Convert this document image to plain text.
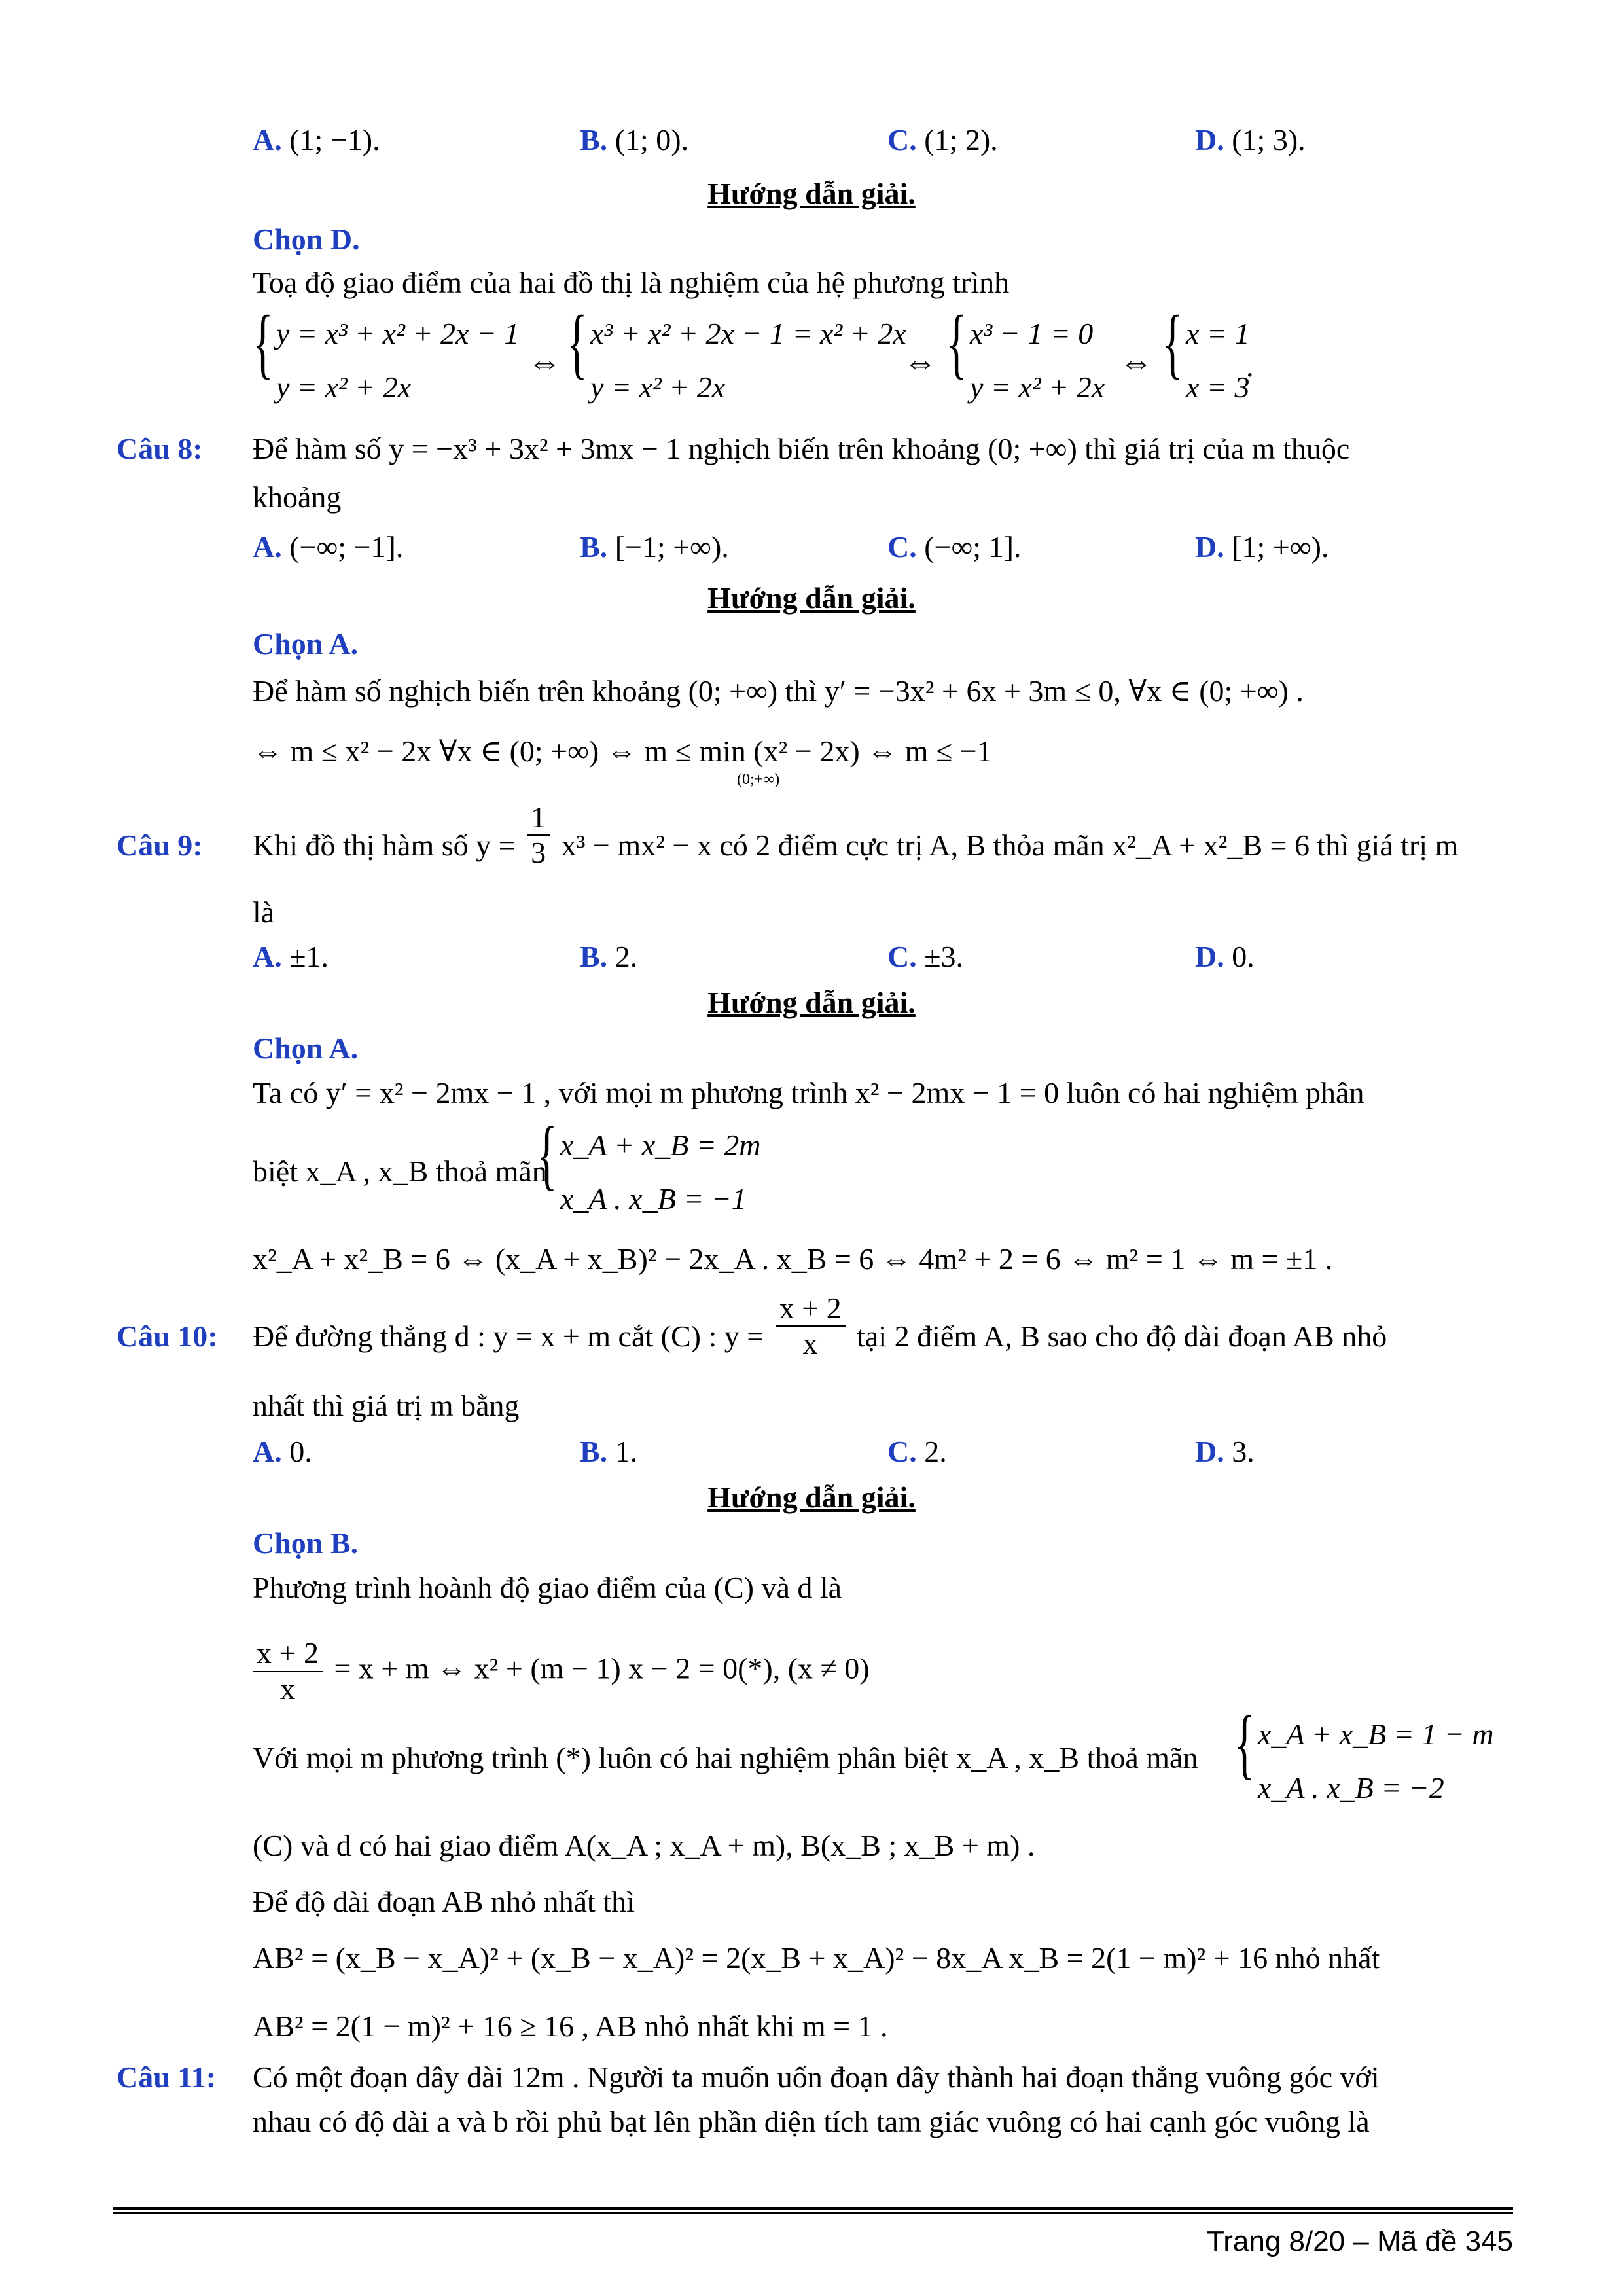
A. (1; −1).	B. (1; 0).	C. (1; 2).	D. (1; 3).
Hướng dẫn giải.
Chọn D.
Toạ độ giao điểm của hai đồ thị là nghiệm của hệ phương trình
{ y = x³ + x² + 2x − 1
y = x² + 2x
⇔ { x³ + x² + 2x − 1 = x² + 2x
y = x² + 2x
⇔ { x³ − 1 = 0
y = x² + 2x
⇔ { x = 1
x = 3
.
Câu 8: Để hàm số y = −x³ + 3x² + 3mx − 1 nghịch biến trên khoảng (0; +∞) thì giá trị của m thuộc
khoảng
A. (−∞; −1].	B. [−1; +∞).	C. (−∞; 1].	D. [1; +∞).
Hướng dẫn giải.
Chọn A.
Để hàm số nghịch biến trên khoảng (0; +∞) thì y′ = −3x² + 6x + 3m ≤ 0, ∀x ∈ (0; +∞) .
⇔ m ≤ x² − 2x ∀x ∈ (0; +∞) ⇔ m ≤ min (x² − 2x) ⇔ m ≤ −1
(0;+∞)
Câu 9: Khi đồ thị hàm số $y = \frac{1}{3} x^3 - mx^2 - x$ có 2 điểm cực trị A, B thỏa mãn x²_A + x²_B = 6 thì giá trị m
là
A. ±1.	B. 2.	C. ±3.	D. 0.
Hướng dẫn giải.
Chọn A.
Ta có y′ = x² − 2mx − 1 , với mọi m phương trình x² − 2mx − 1 = 0 luôn có hai nghiệm phân
biệt x_A , x_B thoả mãn
{ x_A + x_B = 2m
x_A . x_B = −1
x²_A + x²_B = 6 ⇔ (x_A + x_B)² − 2x_A . x_B = 6 ⇔ 4m² + 2 = 6 ⇔ m² = 1 ⇔ m = ±1 .
Câu 10: Để đường thẳng d : y = x + m cắt (C) : $y = \frac{x + 2}{x}$ tại 2 điểm A, B sao cho độ dài đoạn AB nhỏ
nhất thì giá trị m bằng
A. 0.	B. 1.	C. 2.	D. 3.
Hướng dẫn giải.
Chọn B.
Phương trình hoành độ giao điểm của (C) và d là
$\frac{x + 2}{x} = x + m$ ⇔ x² + (m − 1) x − 2 = 0(*), (x ≠ 0)
Với mọi m phương trình (*) luôn có hai nghiệm phân biệt x_A , x_B thoả mãn { x_A + x_B = 1 − m
x_A . x_B = −2
(C) và d có hai giao điểm A(x_A ; x_A + m), B(x_B ; x_B + m) .
Để độ dài đoạn AB nhỏ nhất thì
AB² = (x_B − x_A)² + (x_B − x_A)² = 2(x_B + x_A)² − 8x_A x_B = 2(1 − m)² + 16 nhỏ nhất
AB² = 2(1 − m)² + 16 ≥ 16 , AB nhỏ nhất khi m = 1 .
Câu 11: Có một đoạn dây dài 12m . Người ta muốn uốn đoạn dây thành hai đoạn thẳng vuông góc với
nhau có độ dài a và b rồi phủ bạt lên phần diện tích tam giác vuông có hai cạnh góc vuông là
Trang 8/20 – Mã đề 345
